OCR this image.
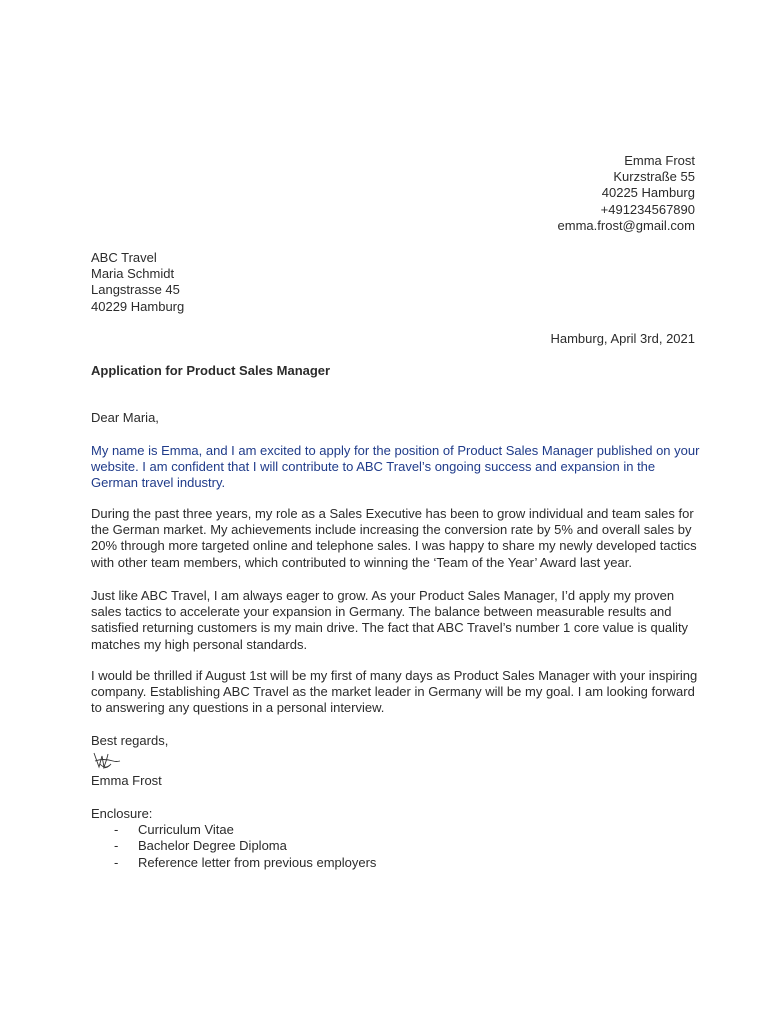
Emma Frost
Kurzstraße 55
40225 Hamburg
+491234567890
emma.frost@gmail.com
ABC Travel
Maria Schmidt
Langstrasse 45
40229 Hamburg
Hamburg, April 3rd, 2021
Application for Product Sales Manager
Dear Maria,
My name is Emma, and I am excited to apply for the position of Product Sales Manager published on your
website. I am confident that I will contribute to ABC Travel’s ongoing success and expansion in the
German travel industry.
During the past three years, my role as a Sales Executive has been to grow individual and team sales for
the German market. My achievements include increasing the conversion rate by 5% and overall sales by
20% through more targeted online and telephone sales. I was happy to share my newly developed tactics
with other team members, which contributed to winning the ‘Team of the Year’ Award last year.
Just like ABC Travel, I am always eager to grow. As your Product Sales Manager, I’d apply my proven
sales tactics to accelerate your expansion in Germany. The balance between measurable results and
satisfied returning customers is my main drive. The fact that ABC Travel’s number 1 core value is quality
matches my high personal standards.
I would be thrilled if August 1st will be my first of many days as Product Sales Manager with your inspiring
company. Establishing ABC Travel as the market leader in Germany will be my goal. I am looking forward
to answering any questions in a personal interview.
Best regards,
Emma Frost
Enclosure:
- Curriculum Vitae
- Bachelor Degree Diploma
- Reference letter from previous employers
